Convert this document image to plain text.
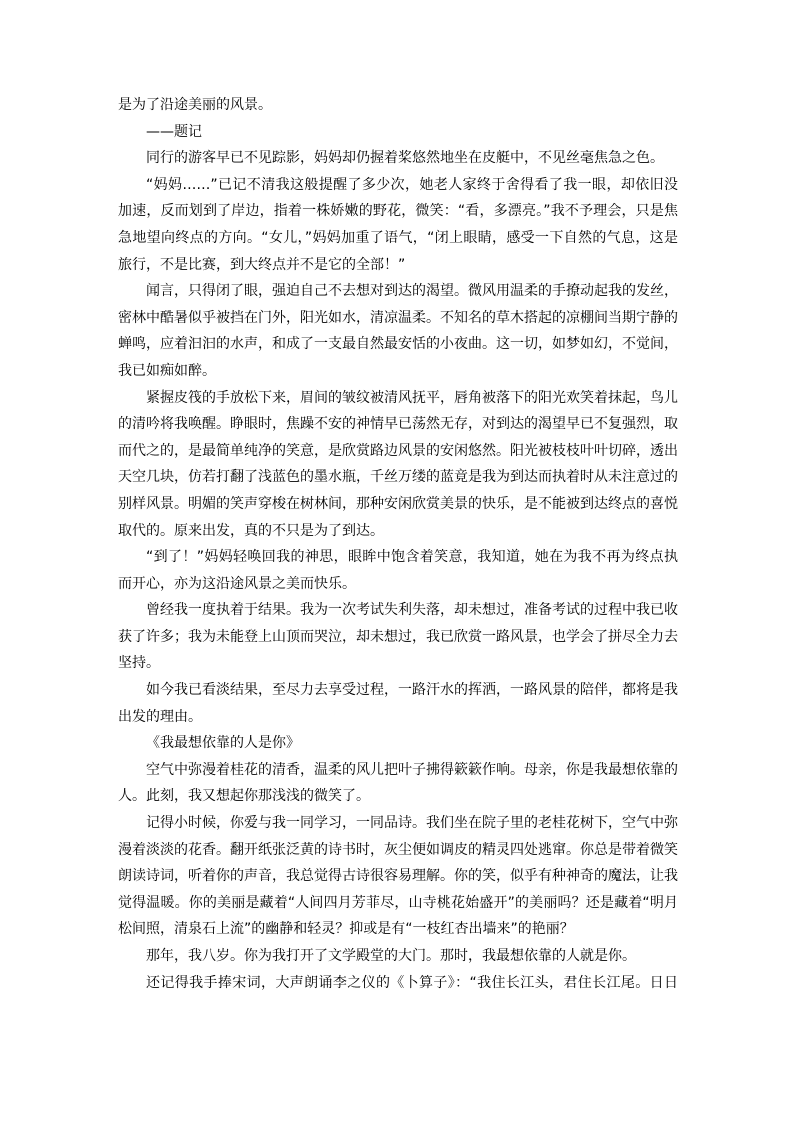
是为了沿途美丽的风景。
——题记
同行的游客早已不见踪影，妈妈却仍握着桨悠然地坐在皮艇中，不见丝毫焦急之色。
“妈妈……”已记不清我这般提醒了多少次，她老人家终于舍得看了我一眼，却依旧没
加速，反而划到了岸边，指着一株娇嫩的野花，微笑：“看，多漂亮。”我不予理会，只是焦
急地望向终点的方向。“女儿，”妈妈加重了语气，“闭上眼睛，感受一下自然的气息，这是
旅行，不是比赛，到大终点并不是它的全部！”
闻言，只得闭了眼，强迫自己不去想对到达的渴望。微风用温柔的手撩动起我的发丝，
密林中酷暑似乎被挡在门外，阳光如水，清凉温柔。不知名的草木搭起的凉棚间当期宁静的
蝉鸣，应着汩汩的水声，和成了一支最自然最安恬的小夜曲。这一切，如梦如幻，不觉间，
我已如痴如醉。
紧握皮筏的手放松下来，眉间的皱纹被清风抚平，唇角被落下的阳光欢笑着抹起，鸟儿
的清吟将我唤醒。睁眼时，焦躁不安的神情早已荡然无存，对到达的渴望早已不复强烈，取
而代之的，是最简单纯净的笑意，是欣赏路边风景的安闲悠然。阳光被枝枝叶叶切碎，透出
天空几块，仿若打翻了浅蓝色的墨水瓶，千丝万缕的蓝竟是我为到达而执着时从未注意过的
别样风景。明媚的笑声穿梭在树林间，那种安闲欣赏美景的快乐，是不能被到达终点的喜悦
取代的。原来出发，真的不只是为了到达。
“到了！”妈妈轻唤回我的神思，眼眸中饱含着笑意，我知道，她在为我不再为终点执
而开心，亦为这沿途风景之美而快乐。
曾经我一度执着于结果。我为一次考试失利失落，却未想过，准备考试的过程中我已收
获了许多；我为未能登上山顶而哭泣，却未想过，我已欣赏一路风景，也学会了拼尽全力去
坚持。
如今我已看淡结果，至尽力去享受过程，一路汗水的挥洒，一路风景的陪伴，都将是我
出发的理由。
《我最想依靠的人是你》
空气中弥漫着桂花的清香，温柔的风儿把叶子拂得簌簌作响。母亲，你是我最想依靠的
人。此刻，我又想起你那浅浅的微笑了。
记得小时候，你爱与我一同学习，一同品诗。我们坐在院子里的老桂花树下，空气中弥
漫着淡淡的花香。翻开纸张泛黄的诗书时，灰尘便如调皮的精灵四处逃窜。你总是带着微笑
朗读诗词，听着你的声音，我总觉得古诗很容易理解。你的笑，似乎有种神奇的魔法，让我
觉得温暖。你的美丽是藏着“人间四月芳菲尽，山寺桃花始盛开”的美丽吗？还是藏着“明月
松间照，清泉石上流”的幽静和轻灵？抑或是有“一枝红杏出墙来”的艳丽？
那年，我八岁。你为我打开了文学殿堂的大门。那时，我最想依靠的人就是你。
还记得我手捧宋词，大声朗诵李之仪的《卜算子》：“我住长江头，君住长江尾。日日
